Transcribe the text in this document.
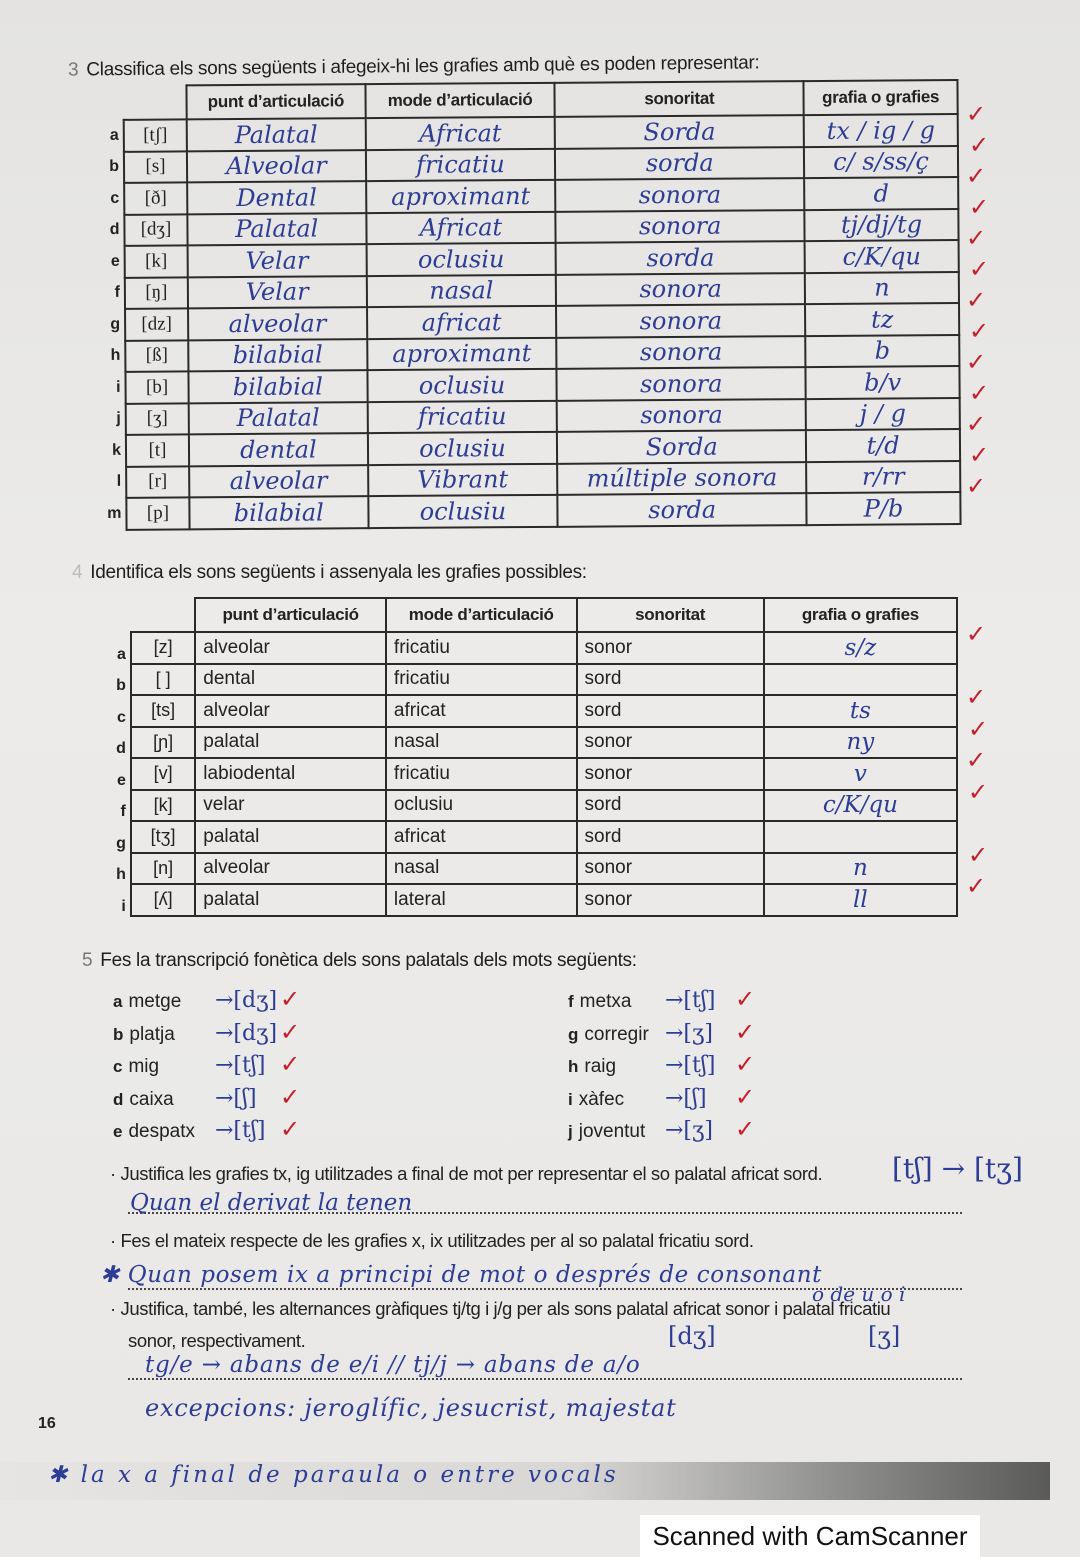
3 Classifica els sons següents i afegeix-hi les grafies amb què es poden representar:
		punt d’articulació	mode d’articulació	sonoritat	grafia o grafies
a	[tʃ]	Palatal	Africat	Sorda	tx / ig / g
b	[s]	Alveolar	fricatiu	sorda	c/ s/ss/ç
c	[ð]	Dental	aproximant	sonora	d
d	[dʒ]	Palatal	Africat	sonora	tj/dj/tg
e	[k]	Velar	oclusiu	sorda	c/K/qu
f	[ŋ]	Velar	nasal	sonora	n
g	[dz]	alveolar	africat	sonora	tz
h	[ß]	bilabial	aproximant	sonora	b
i	[b]	bilabial	oclusiu	sonora	b/v
j	[ʒ]	Palatal	fricatiu	sonora	j / g
k	[t]	dental	oclusiu	Sorda	t/d
l	[r]	alveolar	Vibrant	múltiple sonora	r/rr
m	[p]	bilabial	oclusiu	sorda	P/b
✓
✓
✓
✓
✓
✓
✓
✓
✓
✓
✓
✓
✓
4 Identifica els sons següents i assenyala les grafies possibles:
		punt d’articulació	mode d’articulació	sonoritat	grafia o grafies
a	[z]	alveolar	fricatiu	sonor	s/z
b	[ ]	dental	fricatiu	sord	
c	[ts]	alveolar	africat	sord	ts
d	[ɲ]	palatal	nasal	sonor	ny
e	[v]	labiodental	fricatiu	sonor	v
f	[k]	velar	oclusiu	sord	c/K/qu
g	[tʒ]	palatal	africat	sord	
h	[n]	alveolar	nasal	sonor	n
i	[ʎ]	palatal	lateral	sonor	ll
✓
✓
✓
✓
✓
✓
✓
5 Fes la transcripció fonètica dels sons palatals dels mots següents:
a metge →[dʒ] ✓
b platja →[dʒ] ✓
c mig	→[tʃ] ✓
d caixa →[ʃ] ✓
e despatx →[tʃ] ✓
f metxa →[tʃ] ✓
g corregir →[ʒ] ✓
h raig →[tʃ] ✓
i xàfec →[ʃ] ✓
j joventut →[ʒ] ✓
· Justifica les grafies tx, ig utilitzades a final de mot per representar el so palatal africat sord. [tʃ] → [tʒ]
Quan el derivat la tenen
· Fes el mateix respecte de les grafies x, ix utilitzades per al so palatal fricatiu sord.
✱ Quan posem ix a principi de mot o després de consonant
o de u o i
· Justifica, també, les alternances gràfiques tj/tg i j/g per als sons palatal africat sonor i palatal fricatiu
sonor, respectivament.	[dʒ]	[ʒ]
tg/e → abans de e/i // tj/j → abans de a/o
excepcions: jeroglífic, jesucrist, majestat
16
✱ la x a final de paraula o entre vocals
Scanned with CamScanner
